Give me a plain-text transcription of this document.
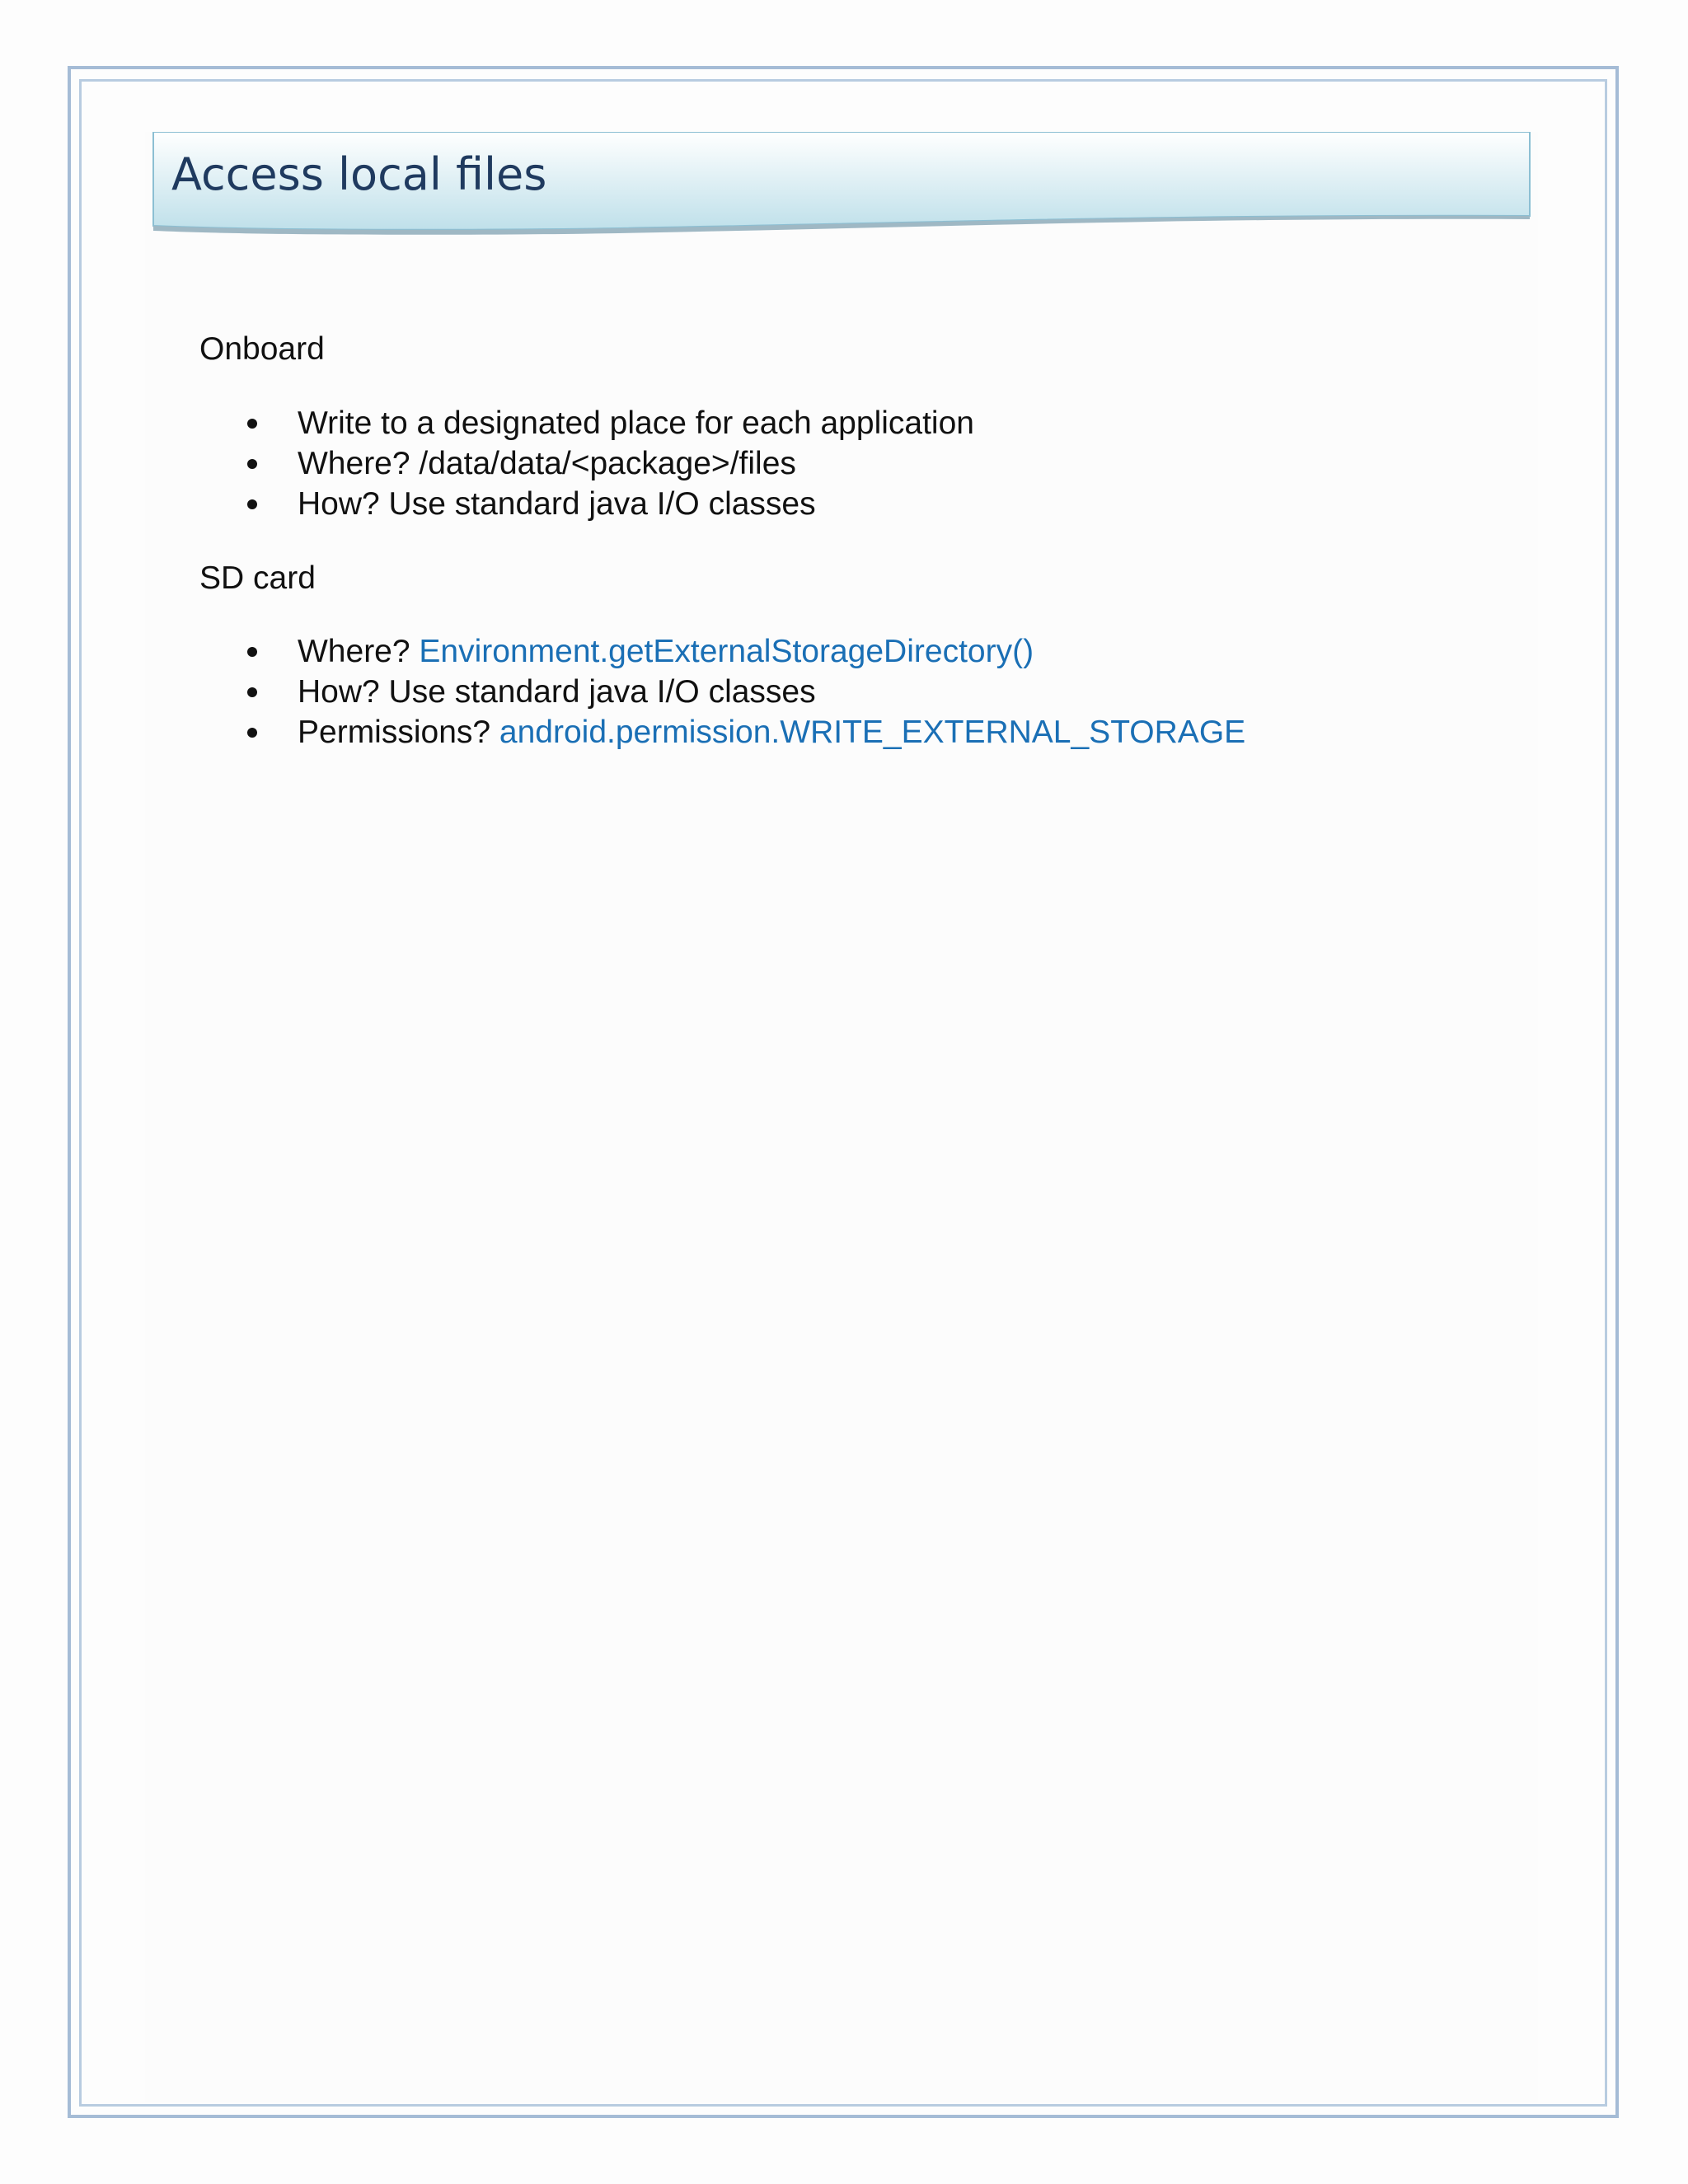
Access local files
Onboard
Write to a designated place for each application
Where? /data/data/<package>/files
How? Use standard java I/O classes
SD card
Where? Environment.getExternalStorageDirectory()
How? Use standard java I/O classes
Permissions? android.permission.WRITE_EXTERNAL_STORAGE
